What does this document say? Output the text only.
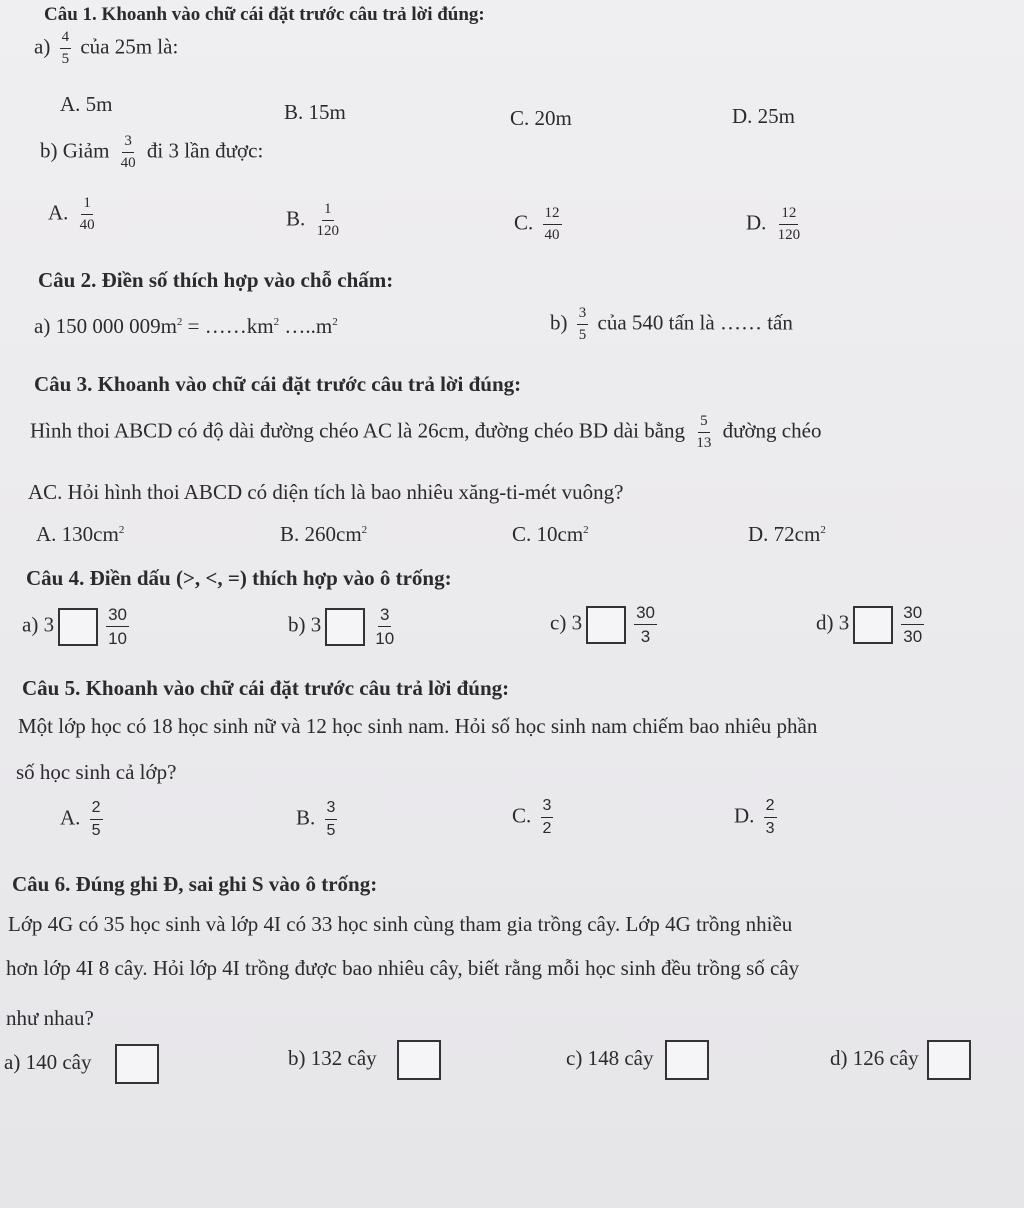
Câu 1. Khoanh vào chữ cái đặt trước câu trả lời đúng:
$a) \frac{4}{5}$ của 25m là:
A. 5m	B. 15m	C. 20m	D. 25m
b) Giảm $\frac{3}{40}$ đi 3 lần được:
A. $\frac{1}{40}$	B. $\frac{1}{120}$	C. $\frac{12}{40}$	D. $\frac{12}{120}$
Câu 2. Điền số thích hợp vào chỗ chấm:
a) 150 000 $009m^2$ = $\dots\dots km^2$ $\dots..m^2$	$b) \frac{3}{5}$ của 540 tấn là …… tấn
Câu 3. Khoanh vào chữ cái đặt trước câu trả lời đúng:
Hình thoi ABCD có độ dài đường chéo AC là 26cm, đường chéo BD dài bằng $\frac{5}{13}$ đường chéo
AC. Hỏi hình thoi ABCD có diện tích là bao nhiêu xăng-ti-mét vuông?
A. $130cm^2$	B. $260cm^2$	C. $10cm^2$	D. $72cm^2$
Câu 4. Điền dấu (>, <, =) thích hợp vào ô trống:
a) 3	$\frac{30}{10}$	b) 3	$\frac{3}{10}$	c) 3	$\frac{30}{3}$	d) 3	$\frac{30}{30}$
Câu 5. Khoanh vào chữ cái đặt trước câu trả lời đúng:
Một lớp học có 18 học sinh nữ và 12 học sinh nam. Hỏi số học sinh nam chiếm bao nhiêu phần
số học sinh cả lớp?
A. $\frac{2}{5}$	B. $\frac{3}{5}$	C. $\frac{3}{2}$	D. $\frac{2}{3}$
Câu 6. Đúng ghi Đ, sai ghi S vào ô trống:
Lớp 4G có 35 học sinh và lớp 4I có 33 học sinh cùng tham gia trồng cây. Lớp 4G trồng nhiều
hơn lớp 4I 8 cây. Hỏi lớp 4I trồng được bao nhiêu cây, biết rằng mỗi học sinh đều trồng số cây
như nhau?
a) 140 cây	b) 132 cây	c) 148 cây	d) 126 cây
